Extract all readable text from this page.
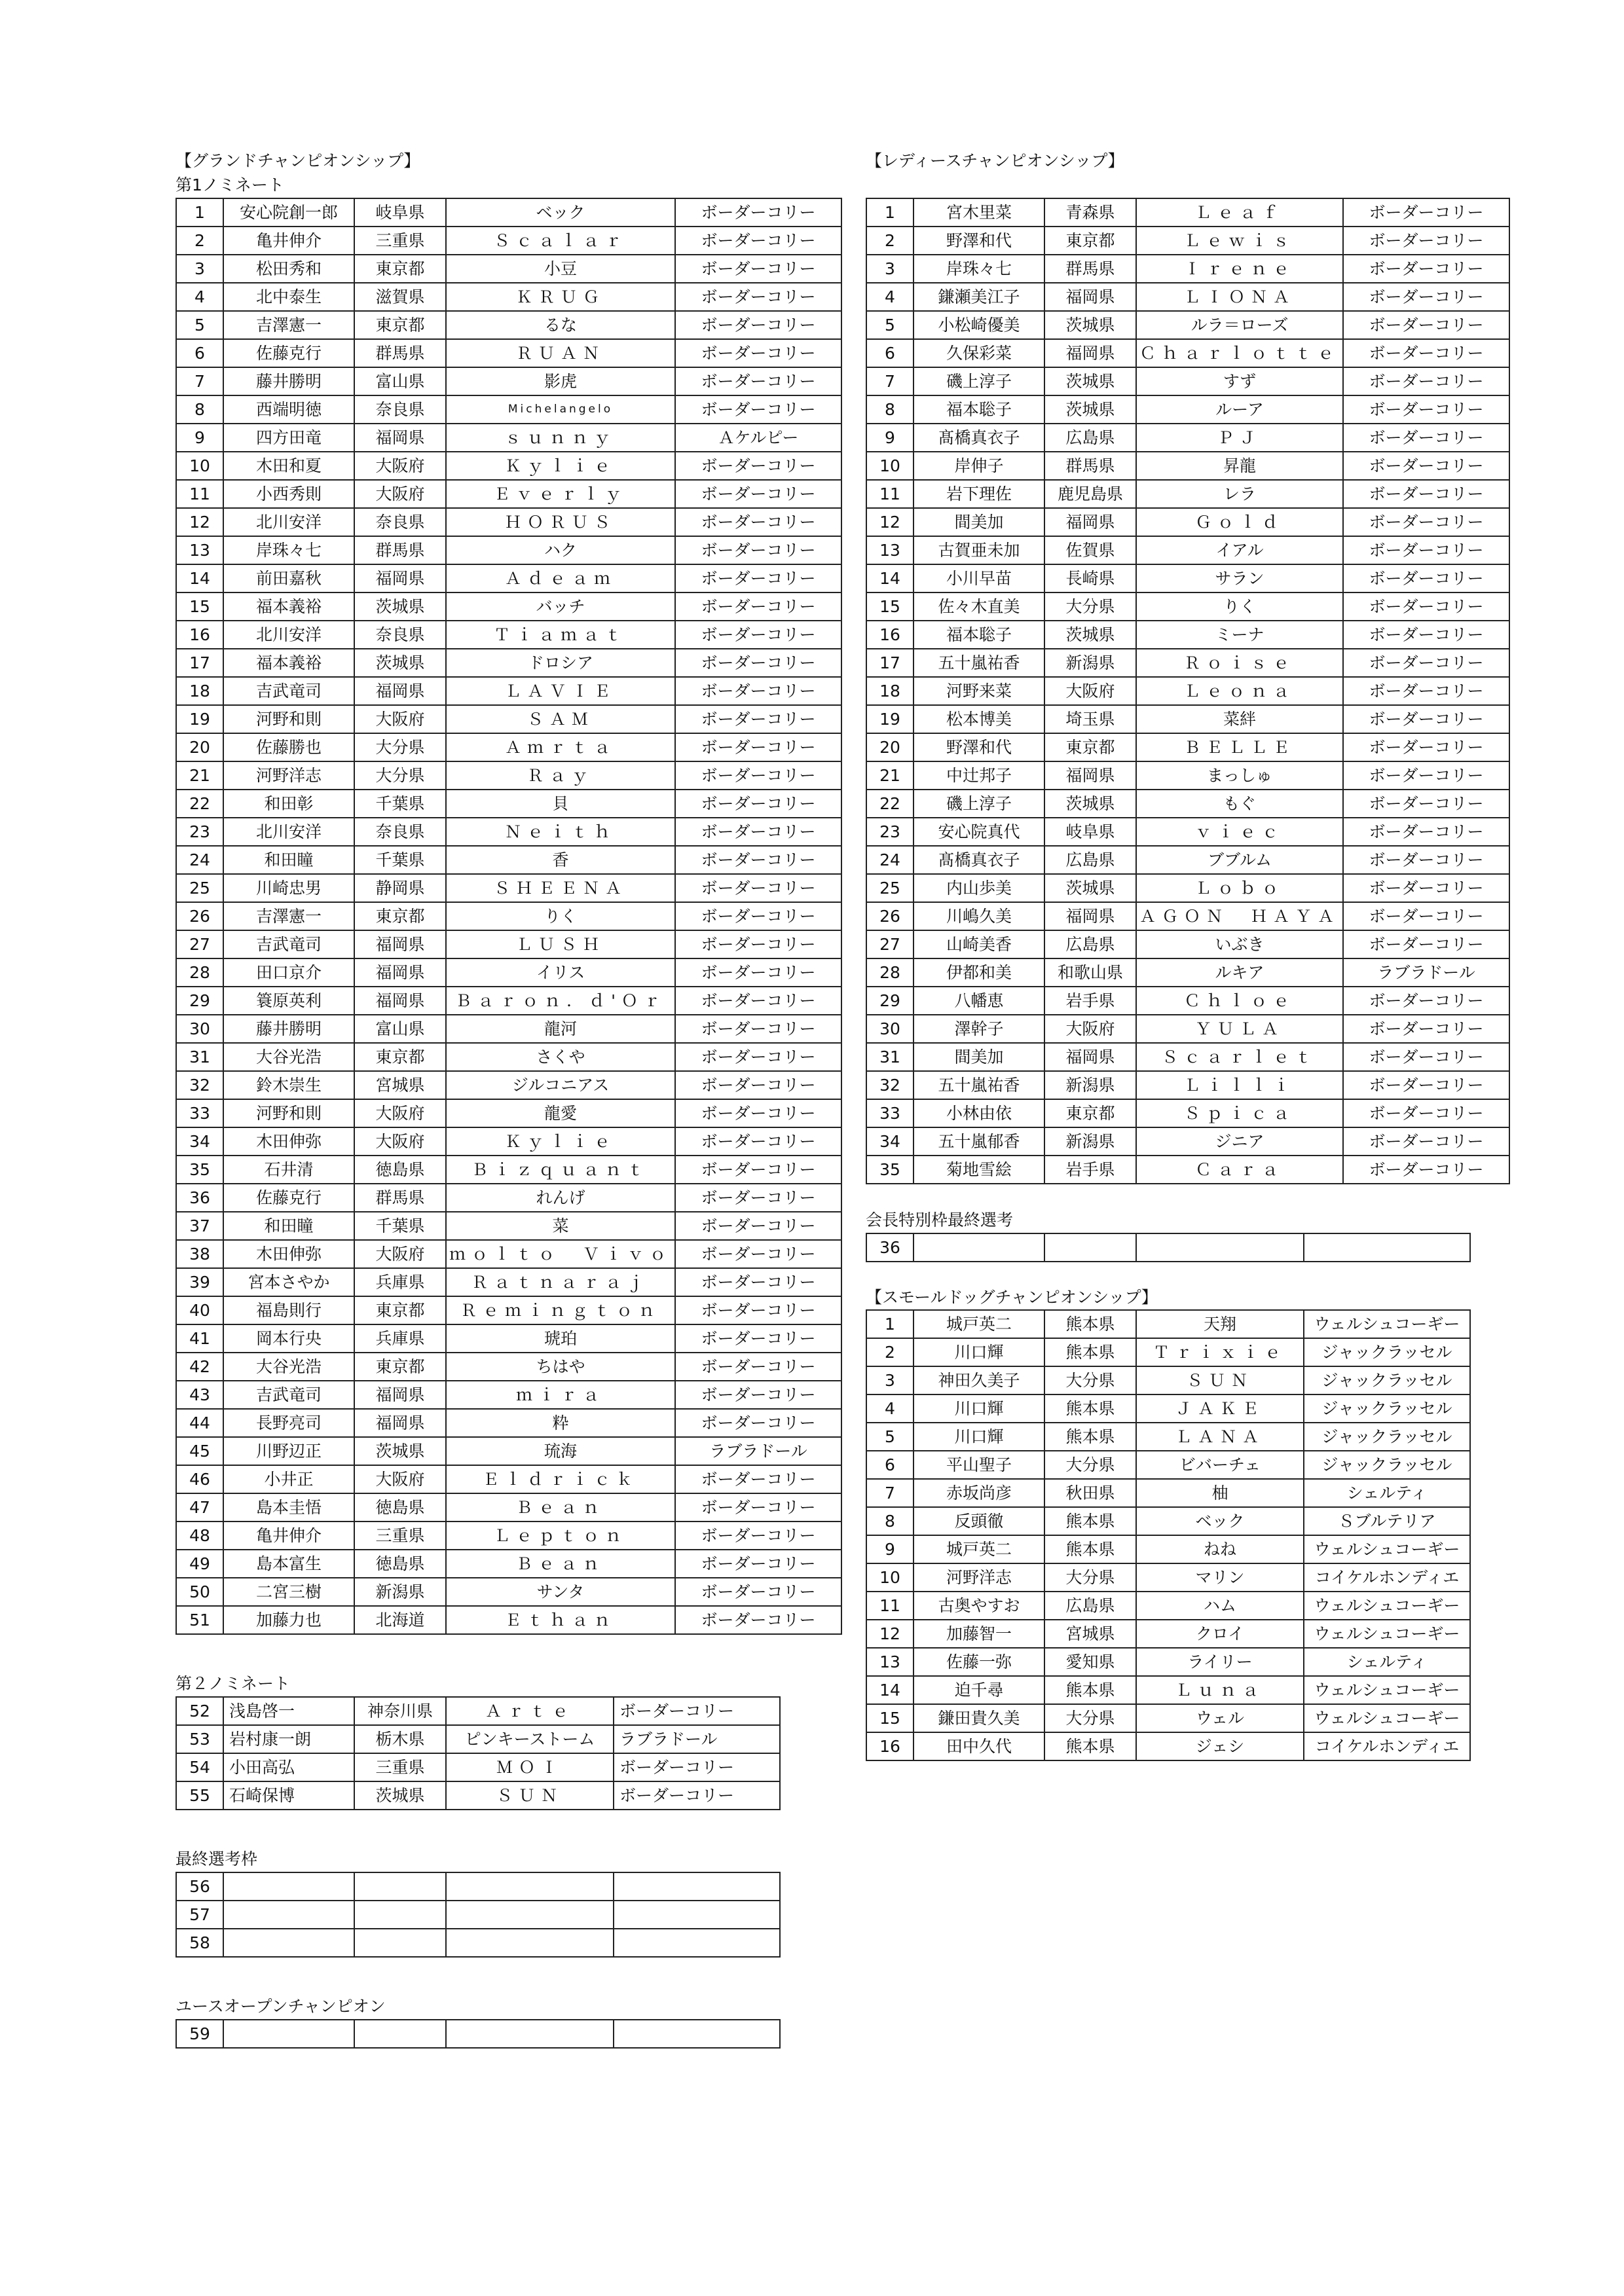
【グランドチャンピオンシップ】
第1ノミネート
1	安心院創一郎	岐阜県	ベック	ボーダーコリー
2	亀井伸介	三重県	Ｓｃａｌａｒ	ボーダーコリー
3	松田秀和	東京都	小豆	ボーダーコリー
4	北中泰生	滋賀県	ＫＲＵＧ	ボーダーコリー
5	吉澤憲一	東京都	るな	ボーダーコリー
6	佐藤克行	群馬県	ＲＵＡＮ	ボーダーコリー
7	藤井勝明	富山県	影虎	ボーダーコリー
8	西端明徳	奈良県	Michelangelo	ボーダーコリー
9	四方田竜	福岡県	ｓｕｎｎｙ	Ａケルピー
10	木田和夏	大阪府	Ｋｙｌｉｅ	ボーダーコリー
11	小西秀則	大阪府	Ｅｖｅｒｌｙ	ボーダーコリー
12	北川安洋	奈良県	ＨＯＲＵＳ	ボーダーコリー
13	岸珠々七	群馬県	ハク	ボーダーコリー
14	前田嘉秋	福岡県	Ａｄｅａｍ	ボーダーコリー
15	福本義裕	茨城県	バッチ	ボーダーコリー
16	北川安洋	奈良県	Ｔｉａｍａｔ	ボーダーコリー
17	福本義裕	茨城県	ドロシア	ボーダーコリー
18	吉武竜司	福岡県	ＬＡＶＩＥ	ボーダーコリー
19	河野和則	大阪府	ＳＡＭ	ボーダーコリー
20	佐藤勝也	大分県	Ａｍｒｔａ	ボーダーコリー
21	河野洋志	大分県	Ｒａｙ	ボーダーコリー
22	和田彰	千葉県	貝	ボーダーコリー
23	北川安洋	奈良県	Ｎｅｉｔｈ	ボーダーコリー
24	和田瞳	千葉県	香	ボーダーコリー
25	川崎忠男	静岡県	ＳＨＥＥＮＡ	ボーダーコリー
26	吉澤憲一	東京都	りく	ボーダーコリー
27	吉武竜司	福岡県	ＬＵＳＨ	ボーダーコリー
28	田口京介	福岡県	イリス	ボーダーコリー
29	簑原英利	福岡県	Ｂａｒｏｎ．ｄ'Ｏｒ	ボーダーコリー
30	藤井勝明	富山県	龍河	ボーダーコリー
31	大谷光浩	東京都	さくや	ボーダーコリー
32	鈴木崇生	宮城県	ジルコニアス	ボーダーコリー
33	河野和則	大阪府	龍愛	ボーダーコリー
34	木田伸弥	大阪府	Ｋｙｌｉｅ	ボーダーコリー
35	石井清	徳島県	Ｂｉｚｑｕａｎｔ	ボーダーコリー
36	佐藤克行	群馬県	れんげ	ボーダーコリー
37	和田瞳	千葉県	菜	ボーダーコリー
38	木田伸弥	大阪府	ｍｏｌｔｏ　Ｖｉｖｏ	ボーダーコリー
39	宮本さやか	兵庫県	Ｒａｔｎａｒａｊ	ボーダーコリー
40	福島則行	東京都	Ｒｅｍｉｎｇｔｏｎ	ボーダーコリー
41	岡本行央	兵庫県	琥珀	ボーダーコリー
42	大谷光浩	東京都	ちはや	ボーダーコリー
43	吉武竜司	福岡県	ｍｉｒａ	ボーダーコリー
44	長野亮司	福岡県	粋	ボーダーコリー
45	川野辺正	茨城県	琉海	ラブラドール
46	小井正	大阪府	Ｅｌｄｒｉｃｋ	ボーダーコリー
47	島本圭悟	徳島県	Ｂｅａｎ	ボーダーコリー
48	亀井伸介	三重県	Ｌｅｐｔｏｎ	ボーダーコリー
49	島本富生	徳島県	Ｂｅａｎ	ボーダーコリー
50	二宮三樹	新潟県	サンタ	ボーダーコリー
51	加藤力也	北海道	Ｅｔｈａｎ	ボーダーコリー
第２ノミネート
52	浅島啓一	神奈川県	Ａｒｔｅ	ボーダーコリー
53	岩村康一朗	栃木県	ピンキーストーム	ラブラドール
54	小田高弘	三重県	ＭＯＩ	ボーダーコリー
55	石崎保博	茨城県	ＳＵＮ	ボーダーコリー
最終選考枠
56				
57				
58				
ユースオープンチャンピオン
59				
【レディースチャンピオンシップ】
1	宮木里菜	青森県	Ｌｅａｆ	ボーダーコリー
2	野澤和代	東京都	Ｌｅｗｉｓ	ボーダーコリー
3	岸珠々七	群馬県	Ｉｒｅｎｅ	ボーダーコリー
4	鎌瀬美江子	福岡県	ＬＩＯＮＡ	ボーダーコリー
5	小松崎優美	茨城県	ルラ＝ローズ	ボーダーコリー
6	久保彩菜	福岡県	Ｃｈａｒｌｏｔｔｅ	ボーダーコリー
7	磯上淳子	茨城県	すず	ボーダーコリー
8	福本聡子	茨城県	ルーア	ボーダーコリー
9	髙橋真衣子	広島県	ＰＪ	ボーダーコリー
10	岸伸子	群馬県	昇龍	ボーダーコリー
11	岩下理佐	鹿児島県	レラ	ボーダーコリー
12	間美加	福岡県	Ｇｏｌｄ	ボーダーコリー
13	古賀亜未加	佐賀県	イアル	ボーダーコリー
14	小川早苗	長崎県	サラン	ボーダーコリー
15	佐々木直美	大分県	りく	ボーダーコリー
16	福本聡子	茨城県	ミーナ	ボーダーコリー
17	五十嵐祐香	新潟県	Ｒｏｉｓｅ	ボーダーコリー
18	河野来菜	大阪府	Ｌｅｏｎａ	ボーダーコリー
19	松本博美	埼玉県	菜絆	ボーダーコリー
20	野澤和代	東京都	ＢＥＬＬＥ	ボーダーコリー
21	中辻邦子	福岡県	まっしゅ	ボーダーコリー
22	磯上淳子	茨城県	もぐ	ボーダーコリー
23	安心院真代	岐阜県	ｖｉｅｃ	ボーダーコリー
24	髙橋真衣子	広島県	ブブルム	ボーダーコリー
25	内山歩美	茨城県	Ｌｏｂｏ	ボーダーコリー
26	川嶋久美	福岡県	ＡＧＯＮ　ＨＡＹＡ	ボーダーコリー
27	山崎美香	広島県	いぶき	ボーダーコリー
28	伊都和美	和歌山県	ルキア	ラブラドール
29	八幡恵	岩手県	Ｃｈｌｏｅ	ボーダーコリー
30	澤幹子	大阪府	ＹＵＬＡ	ボーダーコリー
31	間美加	福岡県	Ｓｃａｒｌｅｔ	ボーダーコリー
32	五十嵐祐香	新潟県	Ｌｉｌｌｉ	ボーダーコリー
33	小林由依	東京都	Ｓｐｉｃａ	ボーダーコリー
34	五十嵐郁香	新潟県	ジニア	ボーダーコリー
35	菊地雪絵	岩手県	Ｃａｒａ	ボーダーコリー
会長特別枠最終選考
36				
【スモールドッグチャンピオンシップ】
1	城戸英二	熊本県	天翔	ウェルシュコーギー
2	川口輝	熊本県	Ｔｒｉｘｉｅ	ジャックラッセル
3	神田久美子	大分県	ＳＵＮ	ジャックラッセル
4	川口輝	熊本県	ＪＡＫＥ	ジャックラッセル
5	川口輝	熊本県	ＬＡＮＡ	ジャックラッセル
6	平山聖子	大分県	ビバーチェ	ジャックラッセル
7	赤坂尚彦	秋田県	柚	シェルティ
8	反頭徹	熊本県	ベック	Ｓブルテリア
9	城戸英二	熊本県	ねね	ウェルシュコーギー
10	河野洋志	大分県	マリン	コイケルホンディエ
11	古奥やすお	広島県	ハム	ウェルシュコーギー
12	加藤智一	宮城県	クロイ	ウェルシュコーギー
13	佐藤一弥	愛知県	ライリー	シェルティ
14	迫千尋	熊本県	Ｌｕｎａ	ウェルシュコーギー
15	鎌田貴久美	大分県	ウェル	ウェルシュコーギー
16	田中久代	熊本県	ジェシ	コイケルホンディエ
